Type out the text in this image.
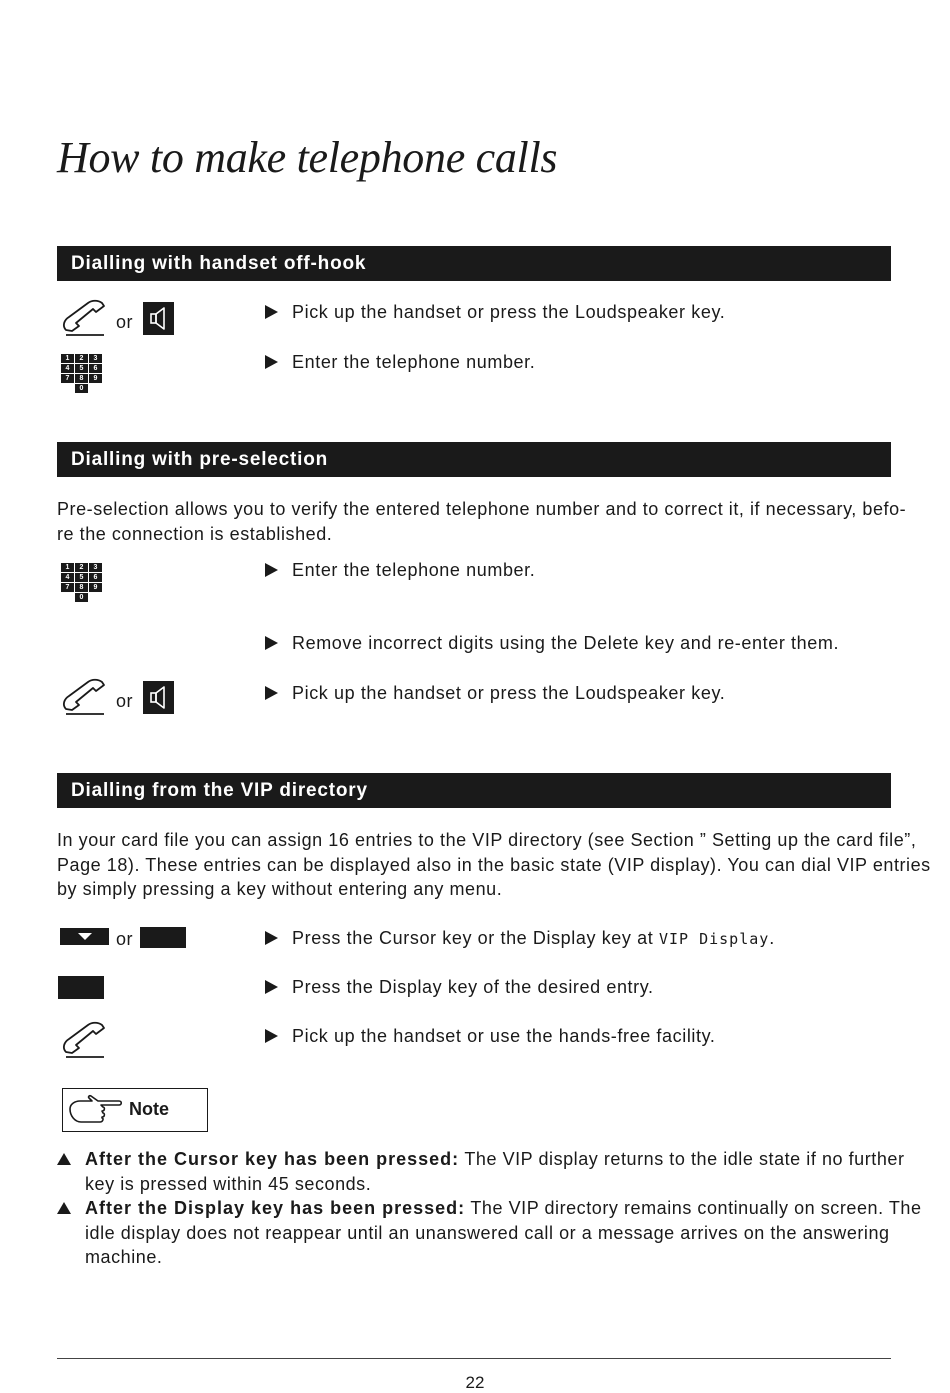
How to make telephone calls
Dialling with handset off-hook
or	Pick up the handset or press the Loudspeaker key.
1	2	3
4	5	6
7	8	9
0
Enter the telephone number.
Dialling with pre-selection

Pre-selection allows you to verify the entered telephone number and to correct it, if necessary, befo-

re the connection is established.

1	2	3
4	5	6
7	8	9
0
Enter the telephone number.
Remove incorrect digits using the Delete key and re-enter them.
or	Pick up the handset or press the Loudspeaker key.
Dialling from the VIP directory

In your card file you can assign 16 entries to the VIP directory (see Section ” Setting up the card file”,

Page 18). These entries can be displayed also in the basic state (VIP display). You can dial VIP entries

by simply pressing a key without entering any menu.

or	Press the Cursor key or the Display key at VIP Display.
Press the Display key of the desired entry.
Pick up the handset or use the hands-free facility.
Note

After the Cursor key has been pressed: The VIP display returns to the idle state if no further

key is pressed within 45 seconds.

After the Display key has been pressed: The VIP directory remains continually on screen. The

idle display does not reappear until an unanswered call or a message arrives on the answering

machine.

22
